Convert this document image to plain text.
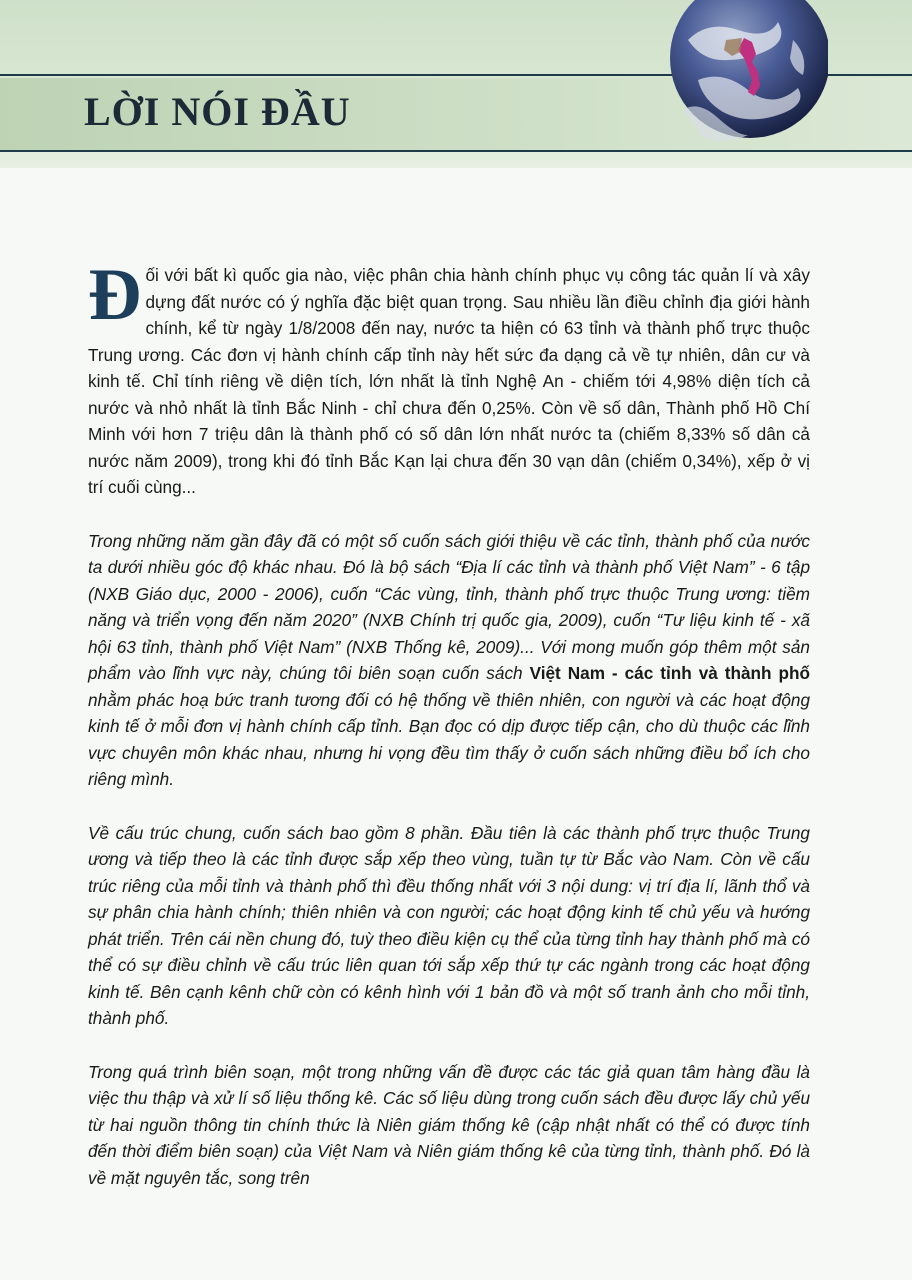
LỜI NÓI ĐẦU

Đối với bất kì quốc gia nào, việc phân chia hành chính phục vụ công tác quản lí và xây dựng đất nước có ý nghĩa đặc biệt quan trọng. Sau nhiều lần điều chỉnh địa giới hành chính, kể từ ngày 1/8/2008 đến nay, nước ta hiện có 63 tỉnh và thành phố trực thuộc Trung ương. Các đơn vị hành chính cấp tỉnh này hết sức đa dạng cả về tự nhiên, dân cư và kinh tế. Chỉ tính riêng về diện tích, lớn nhất là tỉnh Nghệ An - chiếm tới 4,98% diện tích cả nước và nhỏ nhất là tỉnh Bắc Ninh - chỉ chưa đến 0,25%. Còn về số dân, Thành phố Hồ Chí Minh với hơn 7 triệu dân là thành phố có số dân lớn nhất nước ta (chiếm 8,33% số dân cả nước năm 2009), trong khi đó tỉnh Bắc Kạn lại chưa đến 30 vạn dân (chiếm 0,34%), xếp ở vị trí cuối cùng...

Trong những năm gần đây đã có một số cuốn sách giới thiệu về các tỉnh, thành phố của nước ta dưới nhiều góc độ khác nhau. Đó là bộ sách “Địa lí các tỉnh và thành phố Việt Nam” - 6 tập (NXB Giáo dục, 2000 - 2006), cuốn “Các vùng, tỉnh, thành phố trực thuộc Trung ương: tiềm năng và triển vọng đến năm 2020” (NXB Chính trị quốc gia, 2009), cuốn “Tư liệu kinh tế - xã hội 63 tỉnh, thành phố Việt Nam” (NXB Thống kê, 2009)... Với mong muốn góp thêm một sản phẩm vào lĩnh vực này, chúng tôi biên soạn cuốn sách Việt Nam - các tỉnh và thành phố nhằm phác hoạ bức tranh tương đối có hệ thống về thiên nhiên, con người và các hoạt động kinh tế ở mỗi đơn vị hành chính cấp tỉnh. Bạn đọc có dịp được tiếp cận, cho dù thuộc các lĩnh vực chuyên môn khác nhau, nhưng hi vọng đều tìm thấy ở cuốn sách những điều bổ ích cho riêng mình.

Về cấu trúc chung, cuốn sách bao gồm 8 phần. Đầu tiên là các thành phố trực thuộc Trung ương và tiếp theo là các tỉnh được sắp xếp theo vùng, tuần tự từ Bắc vào Nam. Còn về cấu trúc riêng của mỗi tỉnh và thành phố thì đều thống nhất với 3 nội dung: vị trí địa lí, lãnh thổ và sự phân chia hành chính; thiên nhiên và con người; các hoạt động kinh tế chủ yếu và hướng phát triển. Trên cái nền chung đó, tuỳ theo điều kiện cụ thể của từng tỉnh hay thành phố mà có thể có sự điều chỉnh về cấu trúc liên quan tới sắp xếp thứ tự các ngành trong các hoạt động kinh tế. Bên cạnh kênh chữ còn có kênh hình với 1 bản đồ và một số tranh ảnh cho mỗi tỉnh, thành phố.

Trong quá trình biên soạn, một trong những vấn đề được các tác giả quan tâm hàng đầu là việc thu thập và xử lí số liệu thống kê. Các số liệu dùng trong cuốn sách đều được lấy chủ yếu từ hai nguồn thông tin chính thức là Niên giám thống kê (cập nhật nhất có thể có được tính đến thời điểm biên soạn) của Việt Nam và Niên giám thống kê của từng tỉnh, thành phố. Đó là về mặt nguyên tắc, song trên
